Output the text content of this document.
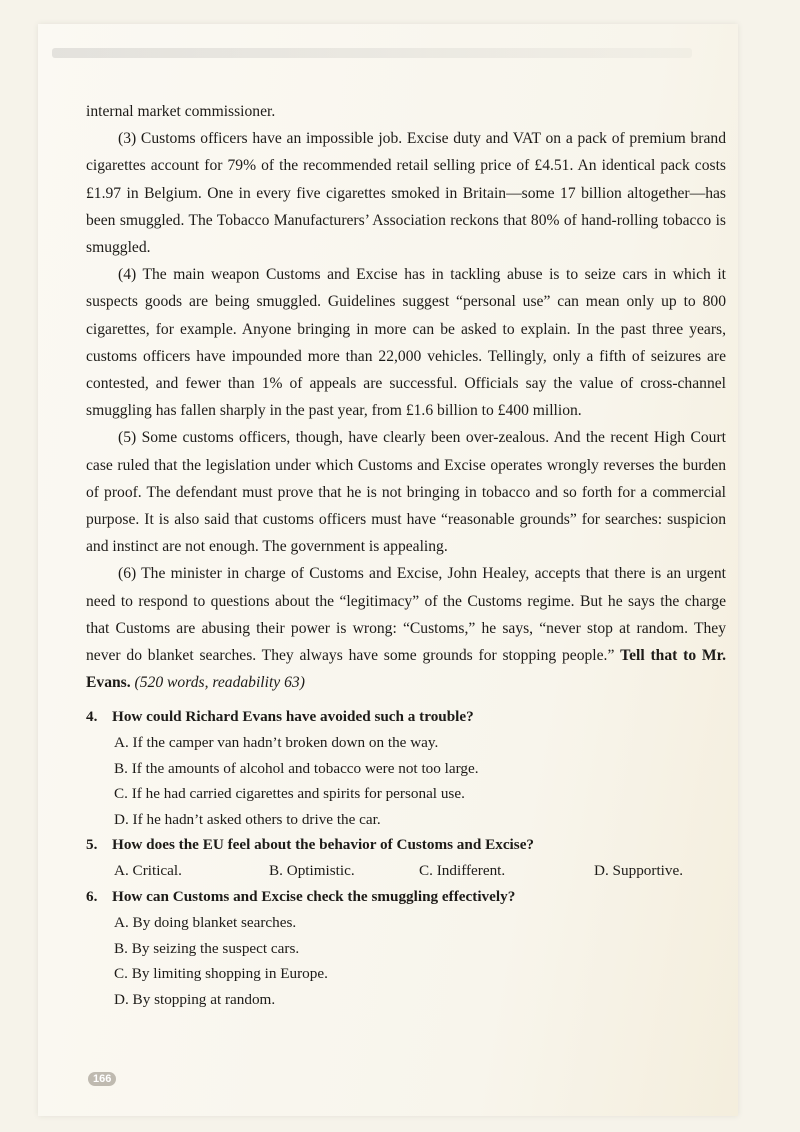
internal market commissioner.

(3) Customs officers have an impossible job. Excise duty and VAT on a pack of premium brand cigarettes account for 79% of the recommended retail selling price of £4.51. An identical pack costs £1.97 in Belgium. One in every five cigarettes smoked in Britain—some 17 billion altogether—has been smuggled. The Tobacco Manufacturers’ Association reckons that 80% of hand-rolling tobacco is smuggled.

(4) The main weapon Customs and Excise has in tackling abuse is to seize cars in which it suspects goods are being smuggled. Guidelines suggest “personal use” can mean only up to 800 cigarettes, for example. Anyone bringing in more can be asked to explain. In the past three years, customs officers have impounded more than 22,000 vehicles. Tellingly, only a fifth of seizures are contested, and fewer than 1% of appeals are successful. Officials say the value of cross-channel smuggling has fallen sharply in the past year, from £1.6 billion to £400 million.

(5) Some customs officers, though, have clearly been over-zealous. And the recent High Court case ruled that the legislation under which Customs and Excise operates wrongly reverses the burden of proof. The defendant must prove that he is not bringing in tobacco and so forth for a commercial purpose. It is also said that customs officers must have “reasonable grounds” for searches: suspicion and instinct are not enough. The government is appealing.

(6) The minister in charge of Customs and Excise, John Healey, accepts that there is an urgent need to respond to questions about the “legitimacy” of the Customs regime. But he says the charge that Customs are abusing their power is wrong: “Customs,” he says, “never stop at random. They never do blanket searches. They always have some grounds for stopping people.” Tell that to Mr. Evans. (520 words, readability 63)

4. How could Richard Evans have avoided such a trouble?
A. If the camper van hadn’t broken down on the way.
B. If the amounts of alcohol and tobacco were not too large.
C. If he had carried cigarettes and spirits for personal use.
D. If he hadn’t asked others to drive the car.
5. How does the EU feel about the behavior of Customs and Excise?
A. Critical.	B. Optimistic.	C. Indifferent.	D. Supportive.
6. How can Customs and Excise check the smuggling effectively?
A. By doing blanket searches.
B. By seizing the suspect cars.
C. By limiting shopping in Europe.
D. By stopping at random.
166
